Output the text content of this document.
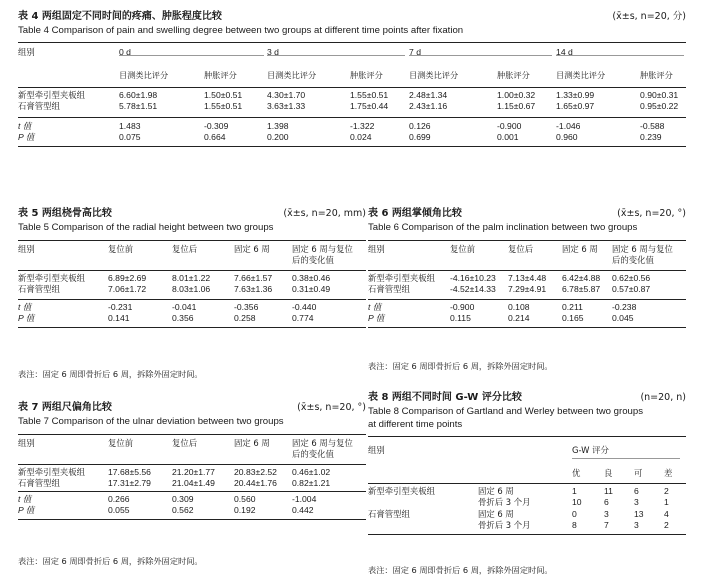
表 4 两组固定不同时间的疼痛、肿胀程度比较	(x̄±s, n=20, 分)
Table 4 Comparison of pain and swelling degree between two groups at different time points after fixation
组别	0 d		3 d		7 d		14 d	

	目测类比评分	肿胀评分	目测类比评分	肿胀评分	目测类比评分	肿胀评分	目测类比评分	肿胀评分

新型牵引型夹板组	6.60±1.98	1.50±0.51	4.30±1.70	1.55±0.51	2.48±1.34	1.00±0.32	1.33±0.99	0.90±0.31
石膏管型组	5.78±1.51	1.55±0.51	3.63±1.33	1.75±0.44	2.43±1.16	1.15±0.67	1.65±0.97	0.95±0.22

t 值	1.483	-0.309	1.398	-1.322	0.126	-0.900	-1.046	-0.588
P 值	0.075	0.664	0.200	0.024	0.699	0.001	0.960	0.239
表 5 两组桡骨高比较	(x̄±s, n=20, mm)
Table 5 Comparison of the radial height between two groups
组别	复位前	复位后	固定 6 周	固定 6 周与复位
				后的变化值

新型牵引型夹板组	6.89±2.69	8.01±1.22	7.66±1.57	0.38±0.46
石膏管型组	7.06±1.72	8.03±1.06	7.63±1.36	0.31±0.49

t 值	-0.231	-0.041	-0.356	-0.440
P 值	0.141	0.356	0.258	0.774
表注：固定 6 周即骨折后 6 周，拆除外固定时间。
表 6 两组掌倾角比较	(x̄±s, n=20, °)
Table 6 Comparison of the palm inclination between two groups
组别	复位前	复位后	固定 6 周	固定 6 周与复位
				后的变化值

新型牵引型夹板组	-4.16±10.23	7.13±4.48	6.42±4.88	0.62±0.56
石膏管型组	-4.52±14.33	7.29±4.91	6.78±5.87	0.57±0.87

t 值	-0.900	0.108	0.211	-0.238
P 值	0.115	0.214	0.165	0.045
表注：固定 6 周即骨折后 6 周，拆除外固定时间。
表 7 两组尺偏角比较	(x̄±s, n=20, °)
Table 7 Comparison of the ulnar deviation between two groups
组别	复位前	复位后	固定 6 周	固定 6 周与复位
				后的变化值

新型牵引型夹板组	17.68±5.56	21.20±1.77	20.83±2.52	0.46±1.02
石膏管型组	17.31±2.79	21.04±1.49	20.44±1.76	0.82±1.21

t 值	0.266	0.309	0.560	-1.004
P 值	0.055	0.562	0.192	0.442
表注：固定 6 周即骨折后 6 周，拆除外固定时间。
表 8 两组不同时间 G-W 评分比较	(n=20, n)
Table 8 Comparison of Gartland and Werley between two groups
at different time points
组别		G-W 评分			

		优	良	可	差

新型牵引型夹板组	固定 6 周	1	11	6	2
	骨折后 3 个月	10	6	3	1
石膏管型组	固定 6 周	0	3	13	4
	骨折后 3 个月	8	7	3	2
表注：固定 6 周即骨折后 6 周，拆除外固定时间。
